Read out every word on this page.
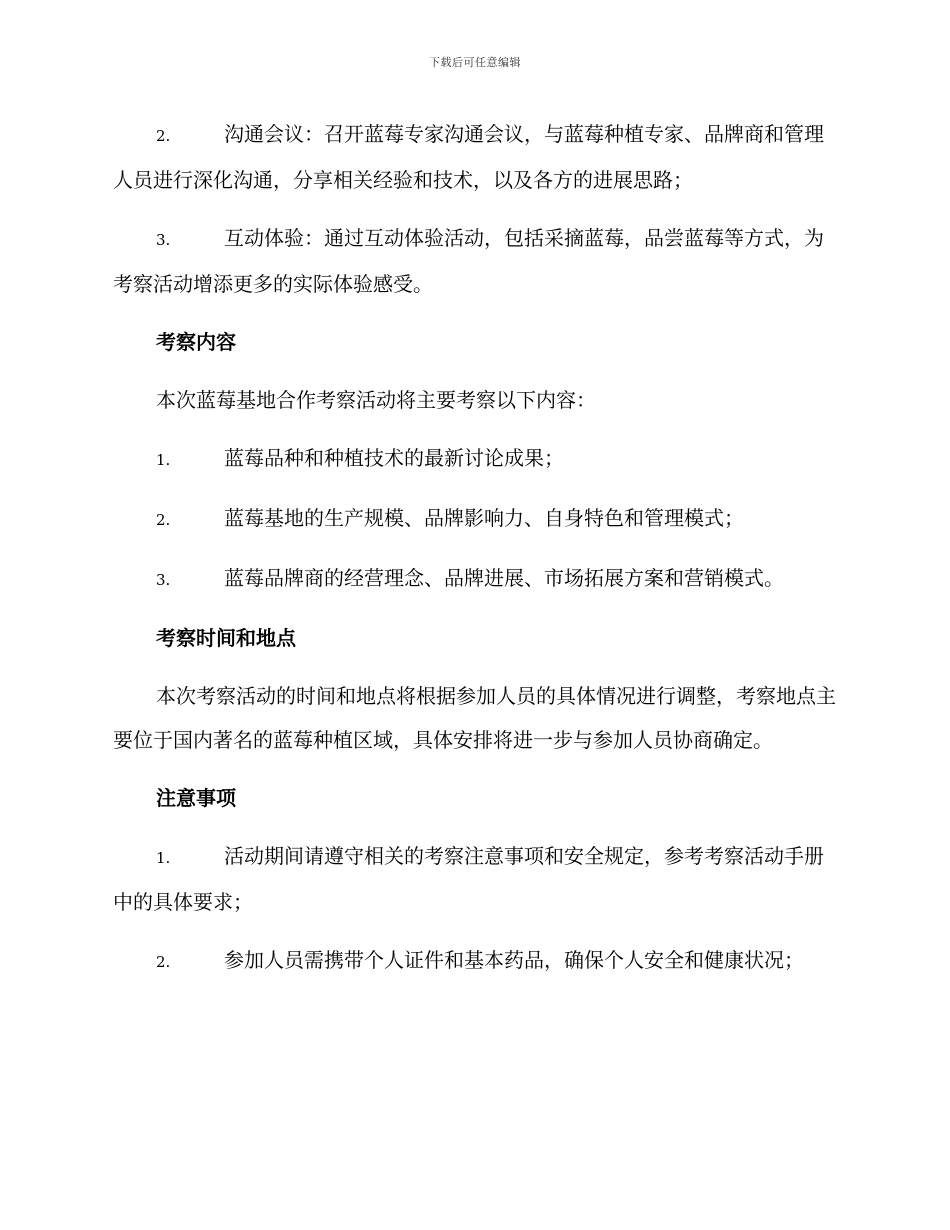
下载后可任意编辑
2.	沟通会议：召开蓝莓专家沟通会议，与蓝莓种植专家、品牌商和管理人员进行深化沟通，分享相关经验和技术，以及各方的进展思路；
3.	互动体验：通过互动体验活动，包括采摘蓝莓，品尝蓝莓等方式，为考察活动增添更多的实际体验感受。
考察内容
本次蓝莓基地合作考察活动将主要考察以下内容：
1.	蓝莓品种和种植技术的最新讨论成果；
2.	蓝莓基地的生产规模、品牌影响力、自身特色和管理模式；
3.	蓝莓品牌商的经营理念、品牌进展、市场拓展方案和营销模式。
考察时间和地点
本次考察活动的时间和地点将根据参加人员的具体情况进行调整，考察地点主要位于国内著名的蓝莓种植区域，具体安排将进一步与参加人员协商确定。
注意事项
1.	活动期间请遵守相关的考察注意事项和安全规定，参考考察活动手册中的具体要求；
2.	参加人员需携带个人证件和基本药品，确保个人安全和健康状况；
